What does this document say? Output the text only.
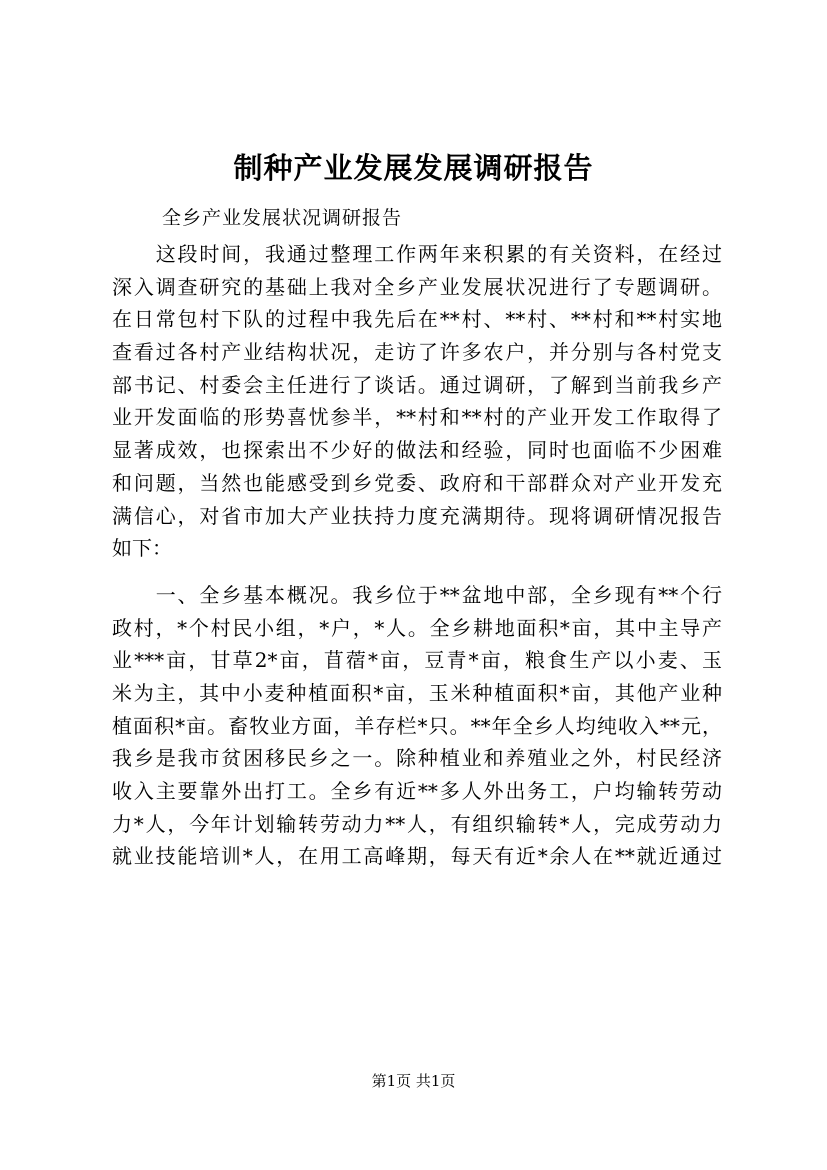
制种产业发展发展调研报告
全乡产业发展状况调研报告
　　这段时间，我通过整理工作两年来积累的有关资料，在经过
深入调查研究的基础上我对全乡产业发展状况进行了专题调研。
在日常包村下队的过程中我先后在**村、**村、**村和**村实地
查看过各村产业结构状况，走访了许多农户，并分别与各村党支
部书记、村委会主任进行了谈话。通过调研，了解到当前我乡产
业开发面临的形势喜忧参半，**村和**村的产业开发工作取得了
显著成效，也探索出不少好的做法和经验，同时也面临不少困难
和问题，当然也能感受到乡党委、政府和干部群众对产业开发充
满信心，对省市加大产业扶持力度充满期待。现将调研情况报告
如下：
　　一、全乡基本概况。我乡位于**盆地中部，全乡现有**个行
政村，*个村民小组，*户，*人。全乡耕地面积*亩，其中主导产
业***亩，甘草2*亩，苜蓿*亩，豆青*亩，粮食生产以小麦、玉
米为主，其中小麦种植面积*亩，玉米种植面积*亩，其他产业种
植面积*亩。畜牧业方面，羊存栏*只。**年全乡人均纯收入**元，
我乡是我市贫困移民乡之一。除种植业和养殖业之外，村民经济
收入主要靠外出打工。全乡有近**多人外出务工，户均输转劳动
力*人，今年计划输转劳动力**人，有组织输转*人，完成劳动力
就业技能培训*人，在用工高峰期，每天有近*余人在**就近通过
第1页 共1页
